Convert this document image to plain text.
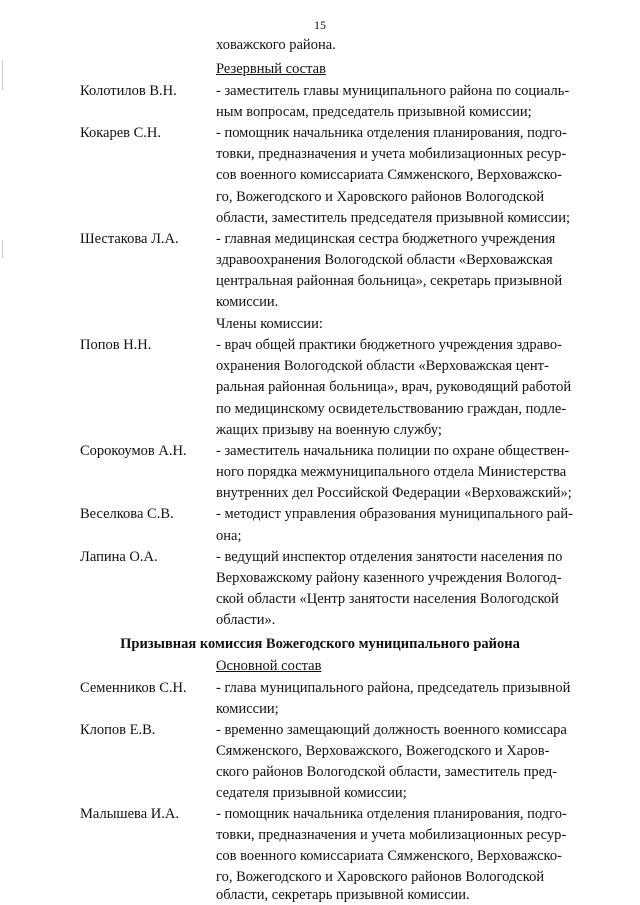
15
ховажского района.
Резервный состав
Колотилов В.Н.	- заместитель главы муниципального района по социаль-
ным вопросам, председатель призывной комиссии;
Кокарев С.Н.	- помощник начальника отделения планирования, подго-
товки, предназначения и учета мобилизационных ресур-
сов военного комиссариата Сямженского, Верховажско-
го, Вожегодского и Харовского районов Вологодской
области, заместитель председателя призывной комиссии;
Шестакова Л.А.	- главная медицинская сестра бюджетного учреждения
здравоохранения Вологодской области «Верховажская
центральная районная больница», секретарь призывной
комиссии.
Члены комиссии:
Попов Н.Н.	- врач общей практики бюджетного учреждения здраво-
охранения Вологодской области «Верховажская цент-
ральная районная больница», врач, руководящий работой
по медицинскому освидетельствованию граждан, подле-
жащих призыву на военную службу;
Сорокоумов А.Н. - заместитель начальника полиции по охране обществен-
ного порядка межмуниципального отдела Министерства
внутренних дел Российской Федерации «Верховажский»;
Веселкова С.В.	- методист управления образования муниципального рай-
она;
Лапина О.А.	- ведущий инспектор отделения занятости населения по
Верховажскому району казенного учреждения Вологод-
ской области «Центр занятости населения Вологодской
области».
Призывная комиссия Вожегодского муниципального района
Основной состав
Семенников С.Н. - глава муниципального района, председатель призывной
комиссии;
Клопов Е.В.	- временно замещающий должность военного комиссара
Сямженского, Верховажского, Вожегодского и Харов-
ского районов Вологодской области, заместитель пред-
седателя призывной комиссии;
Малышева И.А.	- помощник начальника отделения планирования, подго-
товки, предназначения и учета мобилизационных ресур-
сов военного комиссариата Сямженского, Верховажско-
го, Вожегодского и Харовского районов Вологодской
области, секретарь призывной комиссии.
